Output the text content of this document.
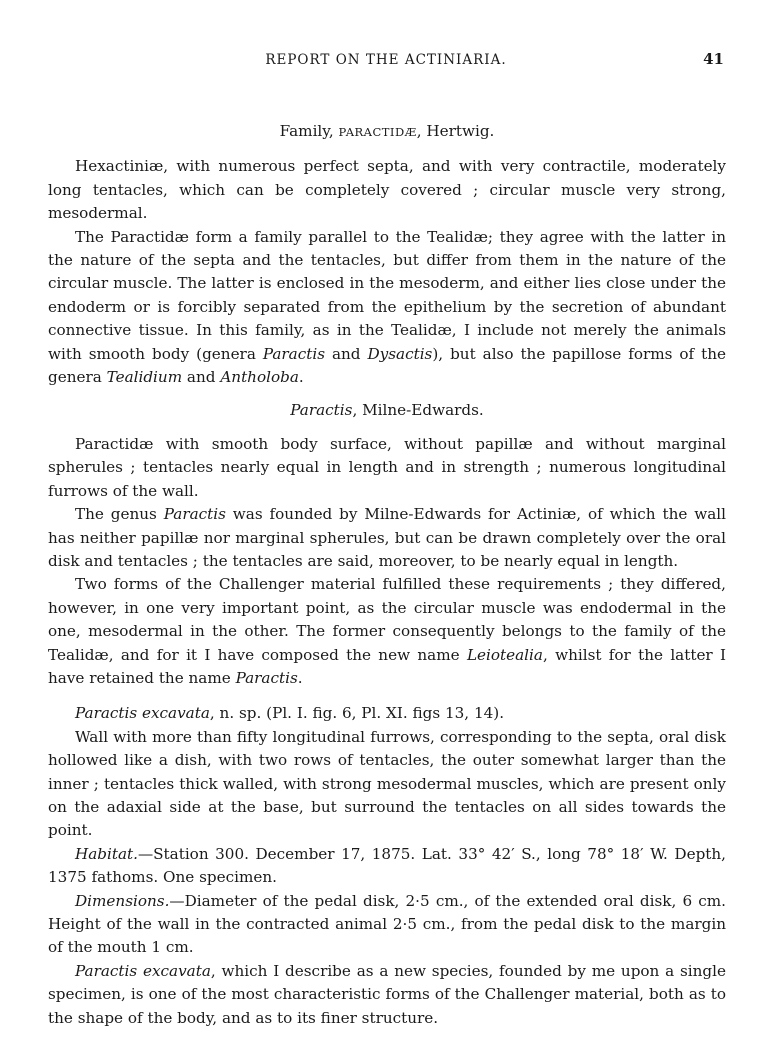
REPORT ON THE ACTINIARIA.	41

Family, PARACTIDÆ, Hertwig.

Hexactiniæ, with numerous perfect septa, and with very contractile, moderately long tentacles, which can be completely covered ; circular muscle very strong, mesodermal.

The Paractidæ form a family parallel to the Tealidæ; they agree with the latter in the nature of the septa and the tentacles, but differ from them in the nature of the circular muscle. The latter is enclosed in the mesoderm, and either lies close under the endoderm or is forcibly separated from the epithelium by the secretion of abundant connective tissue. In this family, as in the Tealidæ, I include not merely the animals with smooth body (genera Paractis and Dysactis), but also the papillose forms of the genera Tealidium and Antholoba.

Paractis, Milne-Edwards.

Paractidæ with smooth body surface, without papillæ and without marginal spherules ; tentacles nearly equal in length and in strength ; numerous longitudinal furrows of the wall.

The genus Paractis was founded by Milne-Edwards for Actiniæ, of which the wall has neither papillæ nor marginal spherules, but can be drawn completely over the oral disk and tentacles ; the tentacles are said, moreover, to be nearly equal in length.

Two forms of the Challenger material fulfilled these requirements ; they differed, however, in one very important point, as the circular muscle was endodermal in the one, mesodermal in the other. The former consequently belongs to the family of the Tealidæ, and for it I have composed the new name Leiotealia, whilst for the latter I have retained the name Paractis.

Paractis excavata, n. sp. (Pl. I. fig. 6, Pl. XI. figs 13, 14).

Wall with more than fifty longitudinal furrows, corresponding to the septa, oral disk hollowed like a dish, with two rows of tentacles, the outer somewhat larger than the inner ; tentacles thick walled, with strong mesodermal muscles, which are present only on the adaxial side at the base, but surround the tentacles on all sides towards the point.

Habitat.—Station 300. December 17, 1875. Lat. 33° 42′ S., long 78° 18′ W. Depth, 1375 fathoms. One specimen.

Dimensions.—Diameter of the pedal disk, 2·5 cm., of the extended oral disk, 6 cm. Height of the wall in the contracted animal 2·5 cm., from the pedal disk to the margin of the mouth 1 cm.

Paractis excavata, which I describe as a new species, founded by me upon a single specimen, is one of the most characteristic forms of the Challenger material, both as to the shape of the body, and as to its finer structure.
